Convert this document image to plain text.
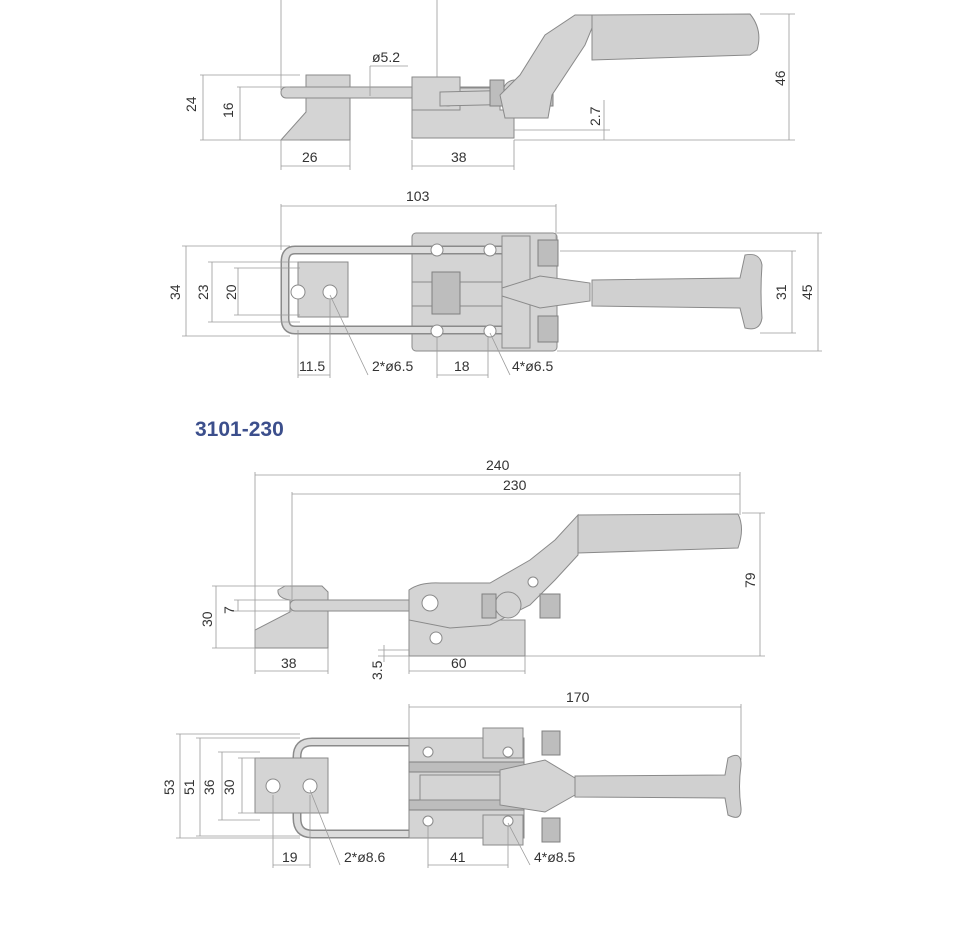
ø5.2
24 16
26	38
2.7
46
103
34 23 20
11.5	2*ø6.5	18	4*ø6.5
31 45
3101-230
240
230
79
30
7
38	3.5	60
170
53 51 36 30
19	2*ø8.6	41	4*ø8.5
